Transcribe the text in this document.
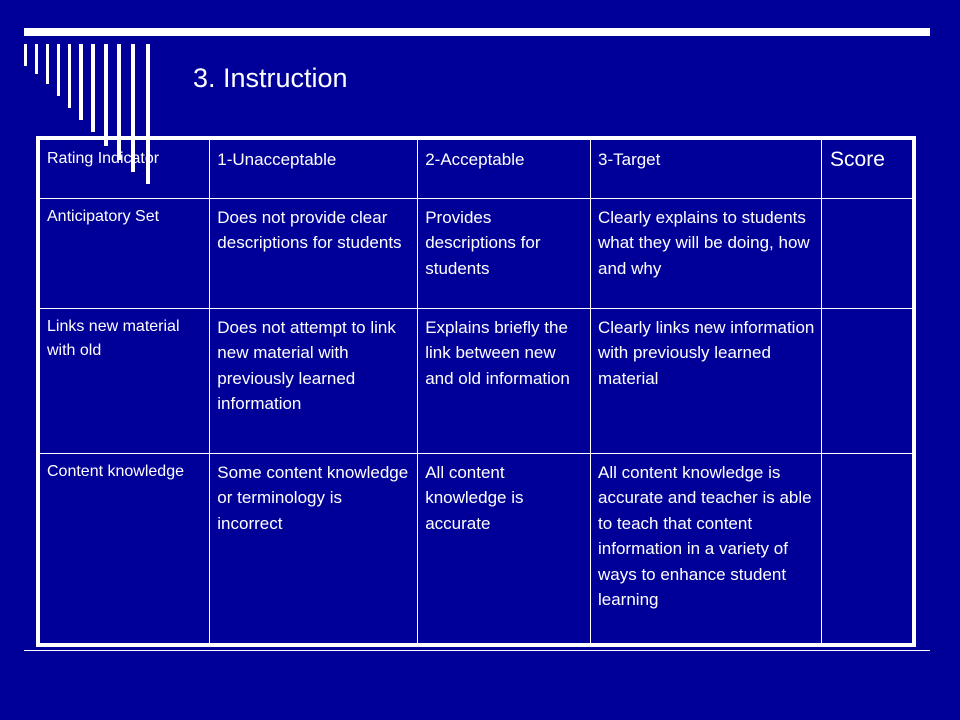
3. Instruction
Rating Indicator	1-Unacceptable	2-Acceptable	3-Target	Score
Anticipatory Set	Does not provide clear descriptions for students	Provides descriptions for students	Clearly explains to students what they will be doing, how and why	
Links new material with old	Does not attempt to link new material with previously learned information	Explains briefly the link between new and old information	Clearly links new information with previously learned material	
Content knowledge	Some content knowledge or terminology is incorrect	All content knowledge is accurate	All content knowledge is accurate and teacher is able to teach that content information in a variety of ways to enhance student learning	
